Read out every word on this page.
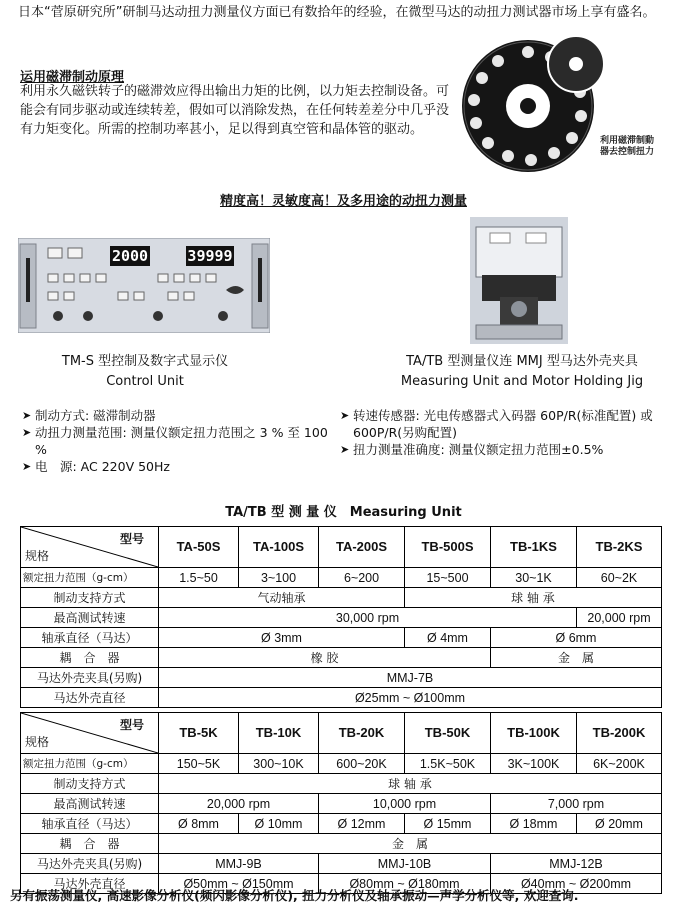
日本“菅原研究所”研制马达动扭力测量仪方面已有数拾年的经验，在微型马达的动扭力测试器市场上享有盛名。
运用磁滞制动原理
利用永久磁铁转子的磁滞效应得出输出力矩的比例，以力矩去控制设备。可能会有同步驱动或连续转差，假如可以消除发热，在任何转差差分中几乎没有力矩变化。所需的控制功率甚小，足以得到真空管和晶体管的驱动。
利用磁滞制動器去控制扭力
精度高！灵敏度高！及多用途的动扭力测量
2000	39999
TM-S 型控制及数字式显示仪
Control Unit
TA/TB 型测量仪连 MMJ 型马达外壳夹具
Measuring Unit and Motor Holding Jig
➤ 制动方式: 磁滞制动器
➤ 动扭力测量范围: 测量仪额定扭力范围之 3 % 至 100 %
➤ 电　源: AC 220V 50Hz
➤ 转速传感器: 光电传感器式入码器 60P/R(标准配置) 或 600P/R(另购配置)
➤ 扭力测量准确度: 测量仪额定扭力范围±0.5%
TA/TB 型 测 量 仪　Measuring Unit
型号
规格	TA-50S	TA-100S	TA-200S	TB-500S	TB-1KS	TB-2KS
额定扭力范围（g-cm）	1.5~50	3~100	6~200	15~500	30~1K	60~2K
制动支持方式	气动轴承			球 轴 承		
最高测试转速	30,000 rpm					20,000 rpm
轴承直径（马达）	Ø 3mm			Ø 4mm	Ø 6mm	
耦　合　器	橡 胶				金　属	
马达外壳夹具(另购)	MMJ-7B					
马达外壳直径	Ø25mm ~ Ø100mm					
型号
规格	TB-5K	TB-10K	TB-20K	TB-50K	TB-100K	TB-200K
额定扭力范围（g-cm）	150~5K	300~10K	600~20K	1.5K~50K	3K~100K	6K~200K
制动支持方式	球 轴 承					
最高测试转速	20,000 rpm		10,000 rpm		7,000 rpm	
轴承直径（马达）	Ø 8mm	Ø 10mm	Ø 12mm	Ø 15mm	Ø 18mm	Ø 20mm
耦　合　器	金　属					
马达外壳夹具(另购)	MMJ-9B		MMJ-10B		MMJ-12B	
马达外壳直径	Ø50mm ~ Ø150mm		Ø80mm ~ Ø180mm		Ø40mm ~ Ø200mm	
另有振荡测量仪, 高速影像分析仪(频闪影像分析仪), 扭力分析仪及轴承振动—声学分析仪等, 欢迎查询.
